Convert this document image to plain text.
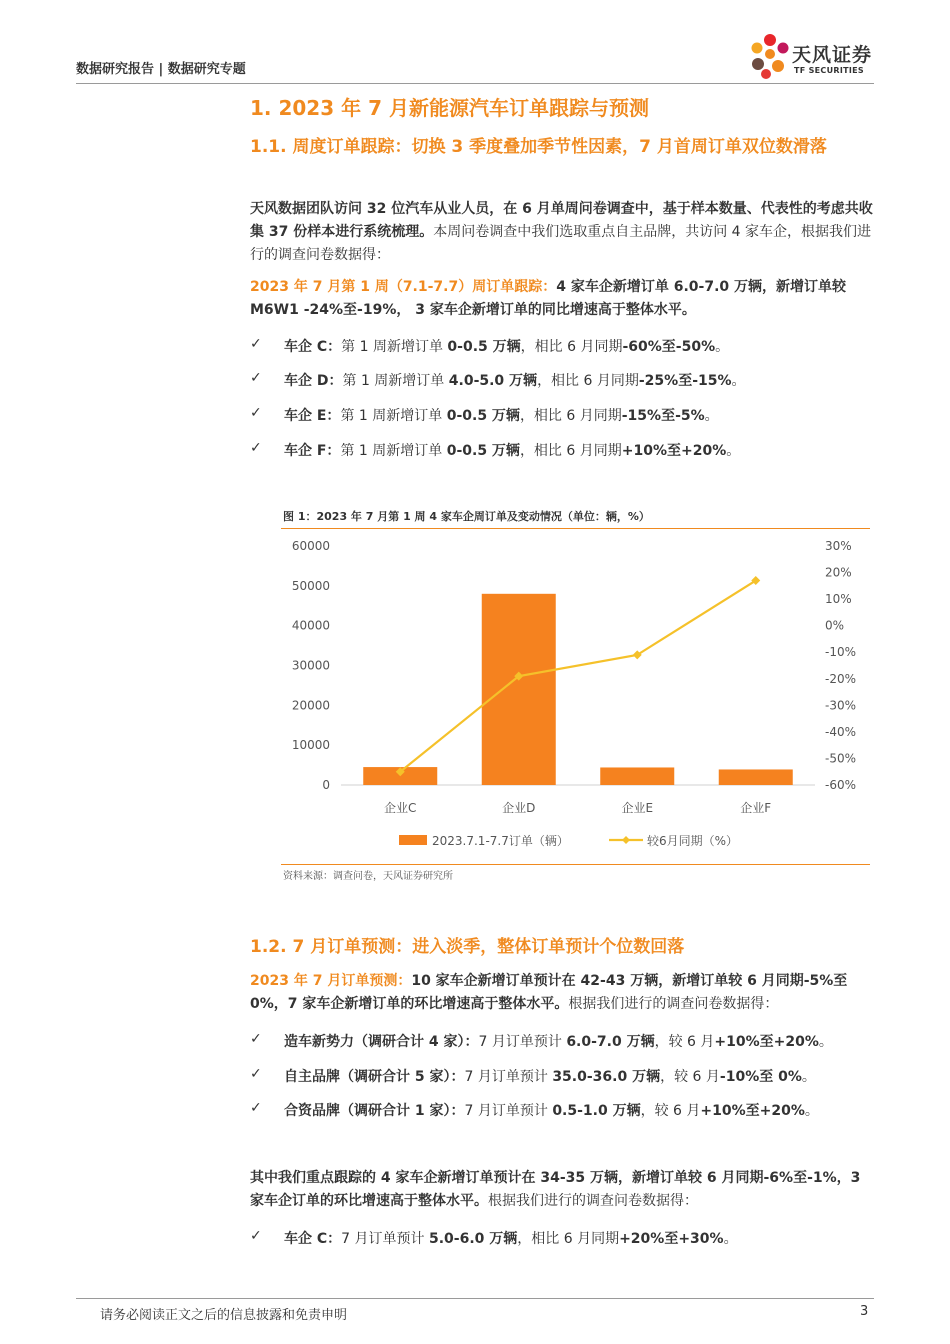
数据研究报告 | 数据研究专题
天风证券
TF SECURITIES
1. 2023 年 7 月新能源汽车订单跟踪与预测
1.1. 周度订单跟踪：切换 3 季度叠加季节性因素，7 月首周订单双位数滑落
天风数据团队访问 32 位汽车从业人员，在 6 月单周问卷调查中，基于样本数量、代表性的考虑共收集 37 份样本进行系统梳理。本周问卷调查中我们选取重点自主品牌，共访问 4 家车企，根据我们进行的调查问卷数据得：
2023 年 7 月第 1 周（7.1-7.7）周订单跟踪：4 家车企新增订单 6.0-7.0 万辆，新增订单较 M6W1 -24%至-19%， 3 家车企新增订单的同比增速高于整体水平。
✓ 车企 C：第 1 周新增订单 0-0.5 万辆，相比 6 月同期-60%至-50%。
✓ 车企 D：第 1 周新增订单 4.0-5.0 万辆，相比 6 月同期-25%至-15%。
✓ 车企 E：第 1 周新增订单 0-0.5 万辆，相比 6 月同期-15%至-5%。
✓ 车企 F：第 1 周新增订单 0-0.5 万辆，相比 6 月同期+10%至+20%。
图 1：2023 年 7 月第 1 周 4 家车企周订单及变动情况（单位：辆，%）
0
10000
20000
30000
40000
50000
60000
-60%
-50%
-40%
-30%
-20%
-10%
0%
10%
20%
30%
企业C	企业D	企业E	企业F
2023.7.1-7.7订单（辆）	较6月同期（%）
资料来源：调查问卷，天风证券研究所
1.2. 7 月订单预测：进入淡季，整体订单预计个位数回落
2023 年 7 月订单预测：10 家车企新增订单预计在 42-43 万辆，新增订单较 6 月同期-5%至 0%，7 家车企新增订单的环比增速高于整体水平。根据我们进行的调查问卷数据得：
✓ 造车新势力（调研合计 4 家）：7 月订单预计 6.0-7.0 万辆，较 6 月+10%至+20%。
✓ 自主品牌（调研合计 5 家）：7 月订单预计 35.0-36.0 万辆，较 6 月-10%至 0%。
✓ 合资品牌（调研合计 1 家）：7 月订单预计 0.5-1.0 万辆，较 6 月+10%至+20%。
其中我们重点跟踪的 4 家车企新增订单预计在 34-35 万辆，新增订单较 6 月同期-6%至-1%，3 家车企订单的环比增速高于整体水平。根据我们进行的调查问卷数据得：
✓ 车企 C：7 月订单预计 5.0-6.0 万辆，相比 6 月同期+20%至+30%。
请务必阅读正文之后的信息披露和免责申明	3
